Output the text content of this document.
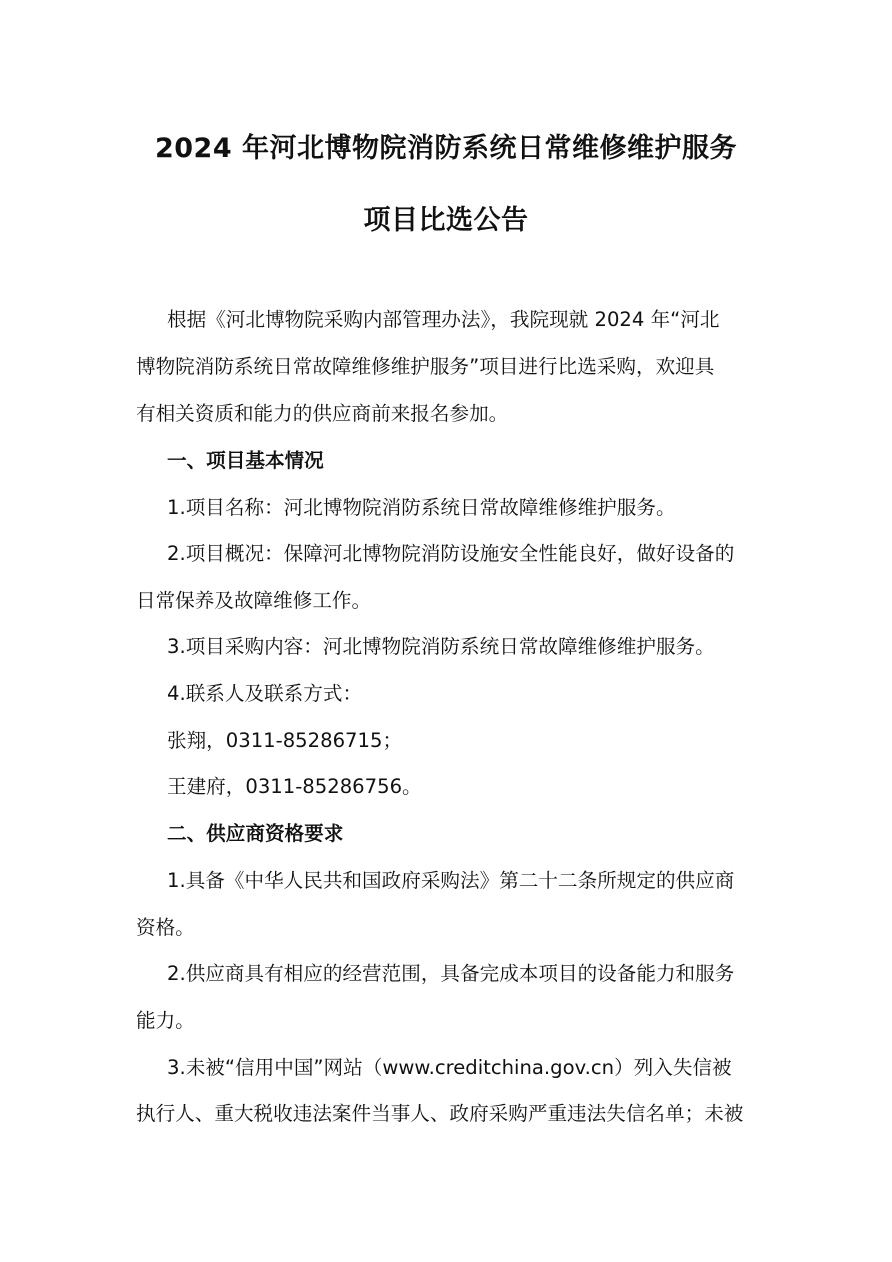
2024 年河北博物院消防系统日常维修维护服务
项目比选公告
根据《河北博物院采购内部管理办法》，我院现就 2024 年“河北
博物院消防系统日常故障维修维护服务”项目进行比选采购，欢迎具
有相关资质和能力的供应商前来报名参加。
一、项目基本情况
1.项目名称：河北博物院消防系统日常故障维修维护服务。
2.项目概况：保障河北博物院消防设施安全性能良好，做好设备的
日常保养及故障维修工作。
3.项目采购内容：河北博物院消防系统日常故障维修维护服务。
4.联系人及联系方式：
张翔，0311-85286715；
王建府，0311-85286756。
二、供应商资格要求
1.具备《中华人民共和国政府采购法》第二十二条所规定的供应商
资格。
2.供应商具有相应的经营范围，具备完成本项目的设备能力和服务
能力。
3.未被“信用中国”网站（www.creditchina.gov.cn）列入失信被
执行人、重大税收违法案件当事人、政府采购严重违法失信名单；未被
